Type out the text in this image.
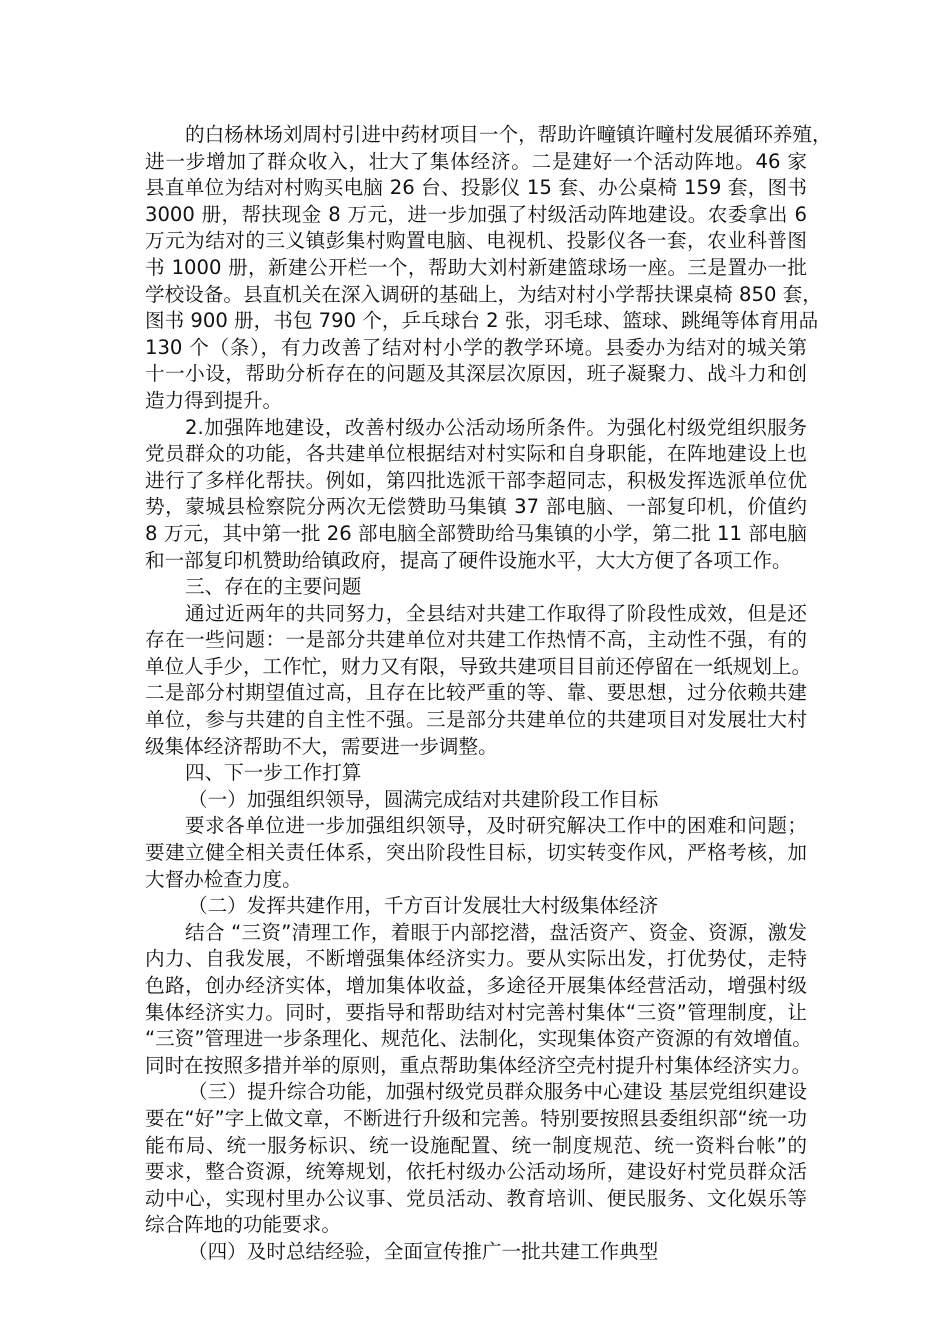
的白杨林场刘周村引进中药材项目一个，帮助许疃镇许疃村发展循环养殖，

进一步增加了群众收入，壮大了集体经济。二是建好一个活动阵地。46 家

县直单位为结对村购买电脑 26 台、投影仪 15 套、办公桌椅 159 套，图书

3000 册，帮扶现金 8 万元，进一步加强了村级活动阵地建设。农委拿出 6

万元为结对的三义镇彭集村购置电脑、电视机、投影仪各一套，农业科普图

书 1000 册，新建公开栏一个，帮助大刘村新建篮球场一座。三是置办一批

学校设备。县直机关在深入调研的基础上，为结对村小学帮扶课桌椅 850 套，

图书 900 册，书包 790 个，乒乓球台 2 张，羽毛球、篮球、跳绳等体育用品

130 个（条），有力改善了结对村小学的教学环境。县委办为结对的城关第

十一小设，帮助分析存在的问题及其深层次原因，班子凝聚力、战斗力和创

造力得到提升。

2.加强阵地建设，改善村级办公活动场所条件。为强化村级党组织服务

党员群众的功能，各共建单位根据结对村实际和自身职能，在阵地建设上也

进行了多样化帮扶。例如，第四批选派干部李超同志，积极发挥选派单位优

势，蒙城县检察院分两次无偿赞助马集镇 37 部电脑、一部复印机，价值约

8 万元，其中第一批 26 部电脑全部赞助给马集镇的小学，第二批 11 部电脑

和一部复印机赞助给镇政府，提高了硬件设施水平，大大方便了各项工作。

三、存在的主要问题

通过近两年的共同努力，全县结对共建工作取得了阶段性成效，但是还

存在一些问题：一是部分共建单位对共建工作热情不高，主动性不强，有的

单位人手少，工作忙，财力又有限，导致共建项目目前还停留在一纸规划上。

二是部分村期望值过高，且存在比较严重的等、靠、要思想，过分依赖共建

单位，参与共建的自主性不强。三是部分共建单位的共建项目对发展壮大村

级集体经济帮助不大，需要进一步调整。

四、下一步工作打算

（一）加强组织领导，圆满完成结对共建阶段工作目标

要求各单位进一步加强组织领导，及时研究解决工作中的困难和问题；

要建立健全相关责任体系，突出阶段性目标，切实转变作风，严格考核，加

大督办检查力度。

（二）发挥共建作用，千方百计发展壮大村级集体经济

结合 “三资”清理工作，着眼于内部挖潜，盘活资产、资金、资源，激发

内力、自我发展，不断增强集体经济实力。要从实际出发，打优势仗，走特

色路，创办经济实体，增加集体收益，多途径开展集体经营活动，增强村级

集体经济实力。同时，要指导和帮助结对村完善村集体“三资”管理制度，让

“三资”管理进一步条理化、规范化、法制化，实现集体资产资源的有效增值。

同时在按照多措并举的原则，重点帮助集体经济空壳村提升村集体经济实力。

（三）提升综合功能，加强村级党员群众服务中心建设 基层党组织建设

要在“好”字上做文章，不断进行升级和完善。特别要按照县委组织部“统一功

能布局、统一服务标识、统一设施配置、统一制度规范、统一资料台帐”的

要求，整合资源，统筹规划，依托村级办公活动场所，建设好村党员群众活

动中心，实现村里办公议事、党员活动、教育培训、便民服务、文化娱乐等

综合阵地的功能要求。

（四）及时总结经验，全面宣传推广一批共建工作典型
